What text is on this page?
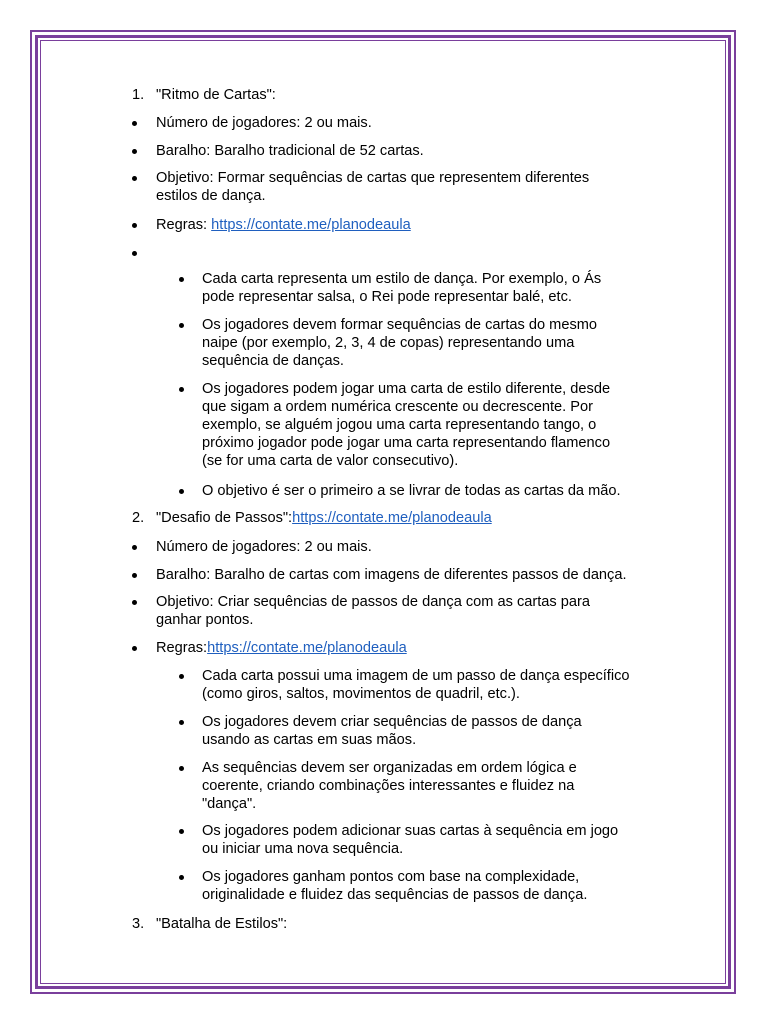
1. "Ritmo de Cartas":
Número de jogadores: 2 ou mais.
Baralho: Baralho tradicional de 52 cartas.
Objetivo: Formar sequências de cartas que representem diferentes
estilos de dança.
Regras: https://contate.me/planodeaula
Cada carta representa um estilo de dança. Por exemplo, o Ás
pode representar salsa, o Rei pode representar balé, etc.
Os jogadores devem formar sequências de cartas do mesmo
naipe (por exemplo, 2, 3, 4 de copas) representando uma
sequência de danças.
Os jogadores podem jogar uma carta de estilo diferente, desde
que sigam a ordem numérica crescente ou decrescente. Por
exemplo, se alguém jogou uma carta representando tango, o
próximo jogador pode jogar uma carta representando flamenco
(se for uma carta de valor consecutivo).
O objetivo é ser o primeiro a se livrar de todas as cartas da mão.
2. "Desafio de Passos":https://contate.me/planodeaula
Número de jogadores: 2 ou mais.
Baralho: Baralho de cartas com imagens de diferentes passos de dança.
Objetivo: Criar sequências de passos de dança com as cartas para
ganhar pontos.
Regras:https://contate.me/planodeaula
Cada carta possui uma imagem de um passo de dança específico
(como giros, saltos, movimentos de quadril, etc.).
Os jogadores devem criar sequências de passos de dança
usando as cartas em suas mãos.
As sequências devem ser organizadas em ordem lógica e
coerente, criando combinações interessantes e fluidez na
"dança".
Os jogadores podem adicionar suas cartas à sequência em jogo
ou iniciar uma nova sequência.
Os jogadores ganham pontos com base na complexidade,
originalidade e fluidez das sequências de passos de dança.
3. "Batalha de Estilos":
